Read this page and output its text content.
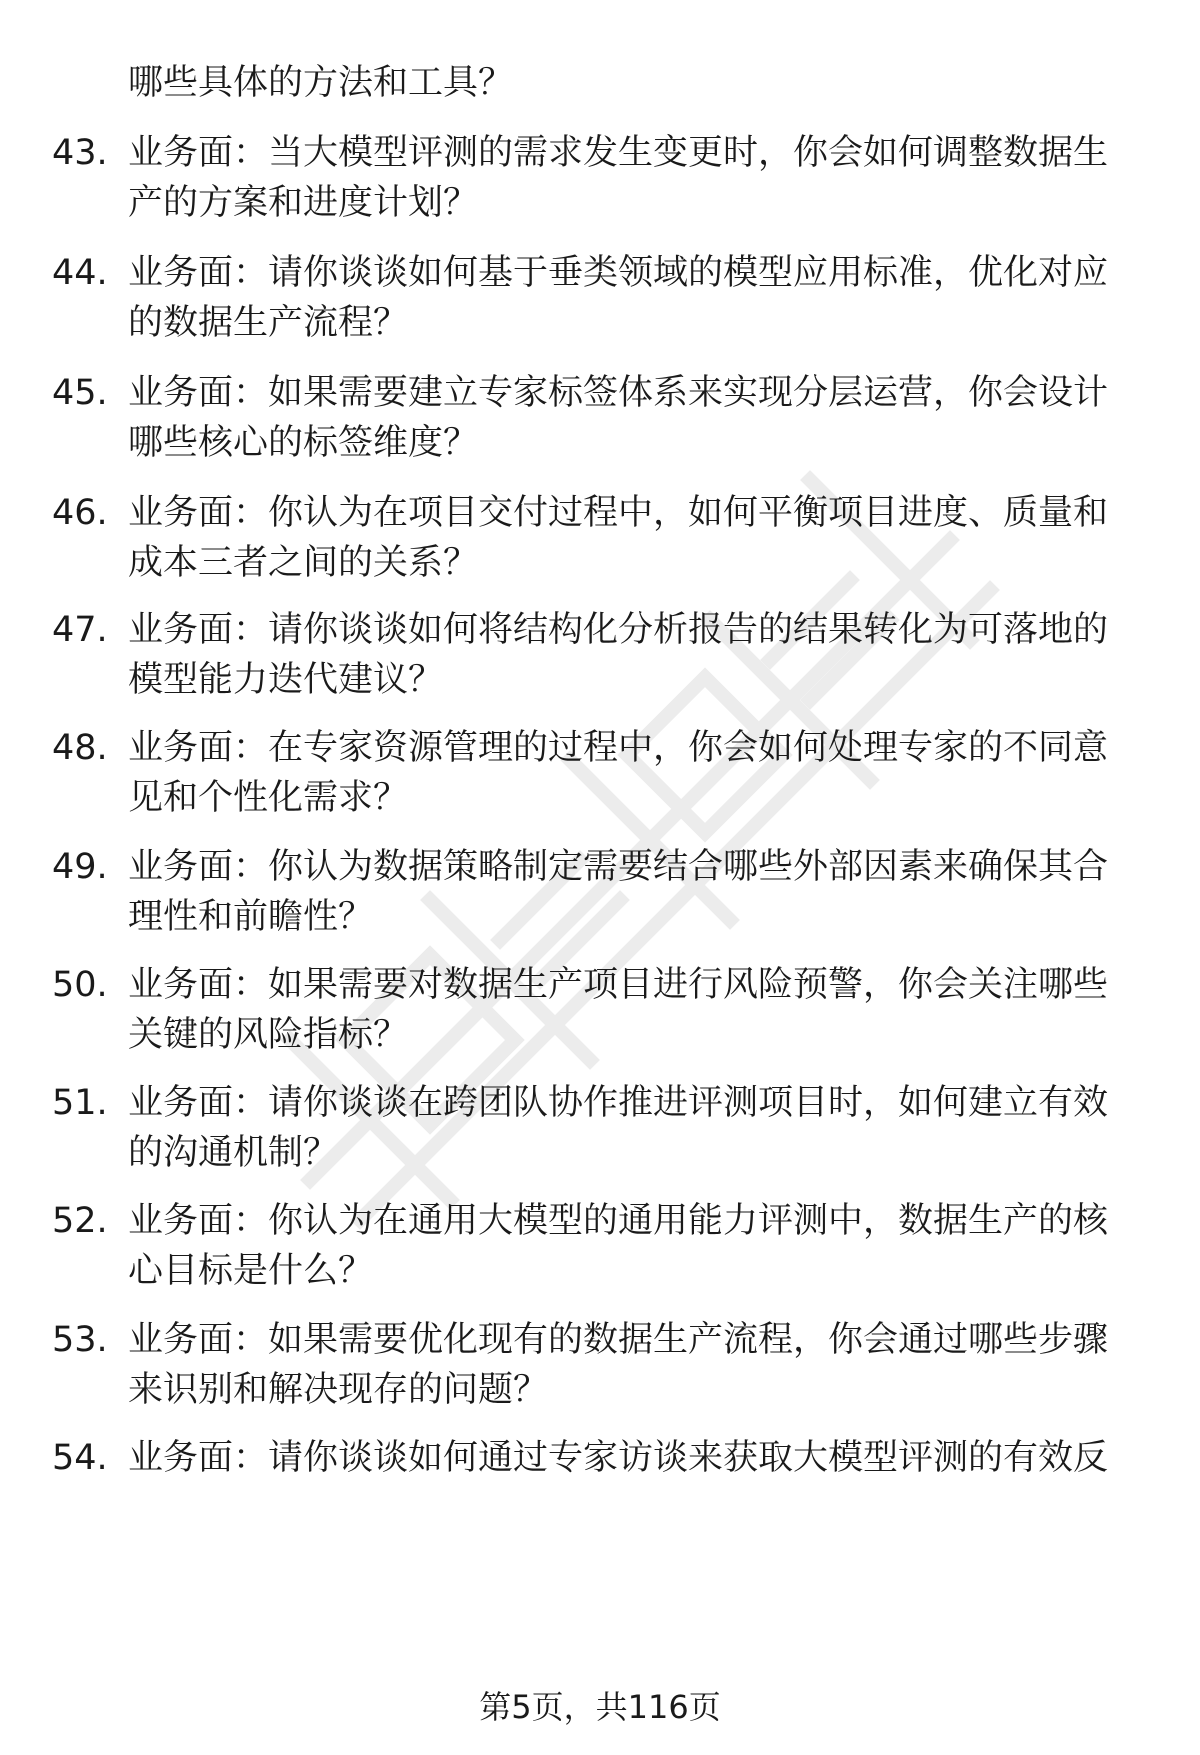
哪些具体的方法和工具？
43. 业务面：当大模型评测的需求发生变更时，你会如何调整数据生产的方案和进度计划？
44. 业务面：请你谈谈如何基于垂类领域的模型应用标准，优化对应的数据生产流程？
45. 业务面：如果需要建立专家标签体系来实现分层运营，你会设计哪些核心的标签维度？
46. 业务面：你认为在项目交付过程中，如何平衡项目进度、质量和成本三者之间的关系？
47. 业务面：请你谈谈如何将结构化分析报告的结果转化为可落地的模型能力迭代建议？
48. 业务面：在专家资源管理的过程中，你会如何处理专家的不同意见和个性化需求？
49. 业务面：你认为数据策略制定需要结合哪些外部因素来确保其合理性和前瞻性？
50. 业务面：如果需要对数据生产项目进行风险预警，你会关注哪些关键的风险指标？
51. 业务面：请你谈谈在跨团队协作推进评测项目时，如何建立有效的沟通机制？
52. 业务面：你认为在通用大模型的通用能力评测中，数据生产的核心目标是什么？
53. 业务面：如果需要优化现有的数据生产流程，你会通过哪些步骤来识别和解决现存的问题？
54. 业务面：请你谈谈如何通过专家访谈来获取大模型评测的有效反
第5页，共116页
